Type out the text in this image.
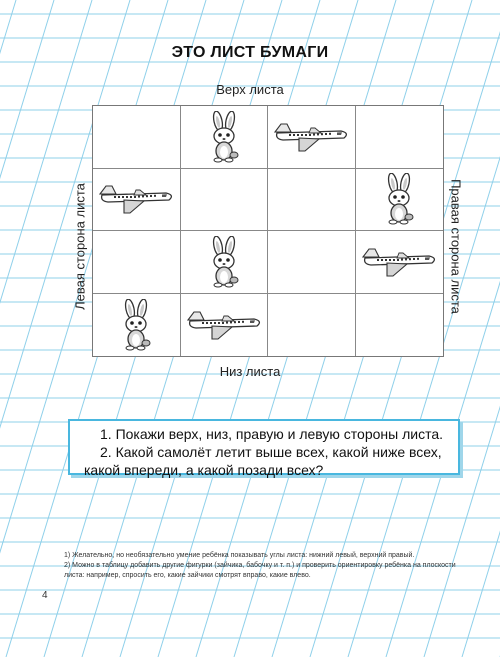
ЭТО ЛИСТ БУМАГИ
Верх листа
Низ листа
Левая сторона листа	Правая сторона листа

1. Покажи верх, низ, правую и левую стороны листа.

2. Какой самолёт летит выше всех, какой ниже всех, какой впереди, а какой позади всех?

1) Желательно, но необязательно умение ребёнка показывать углы листа: нижний левый, верхний правый.

2) Можно в таблицу добавить другие фигурки (зайчика, бабочку и т. п.) и проверить ориентировку ребёнка на плоскости листа: например, спросить его, какие зайчики смотрят вправо, какие влево.

4
